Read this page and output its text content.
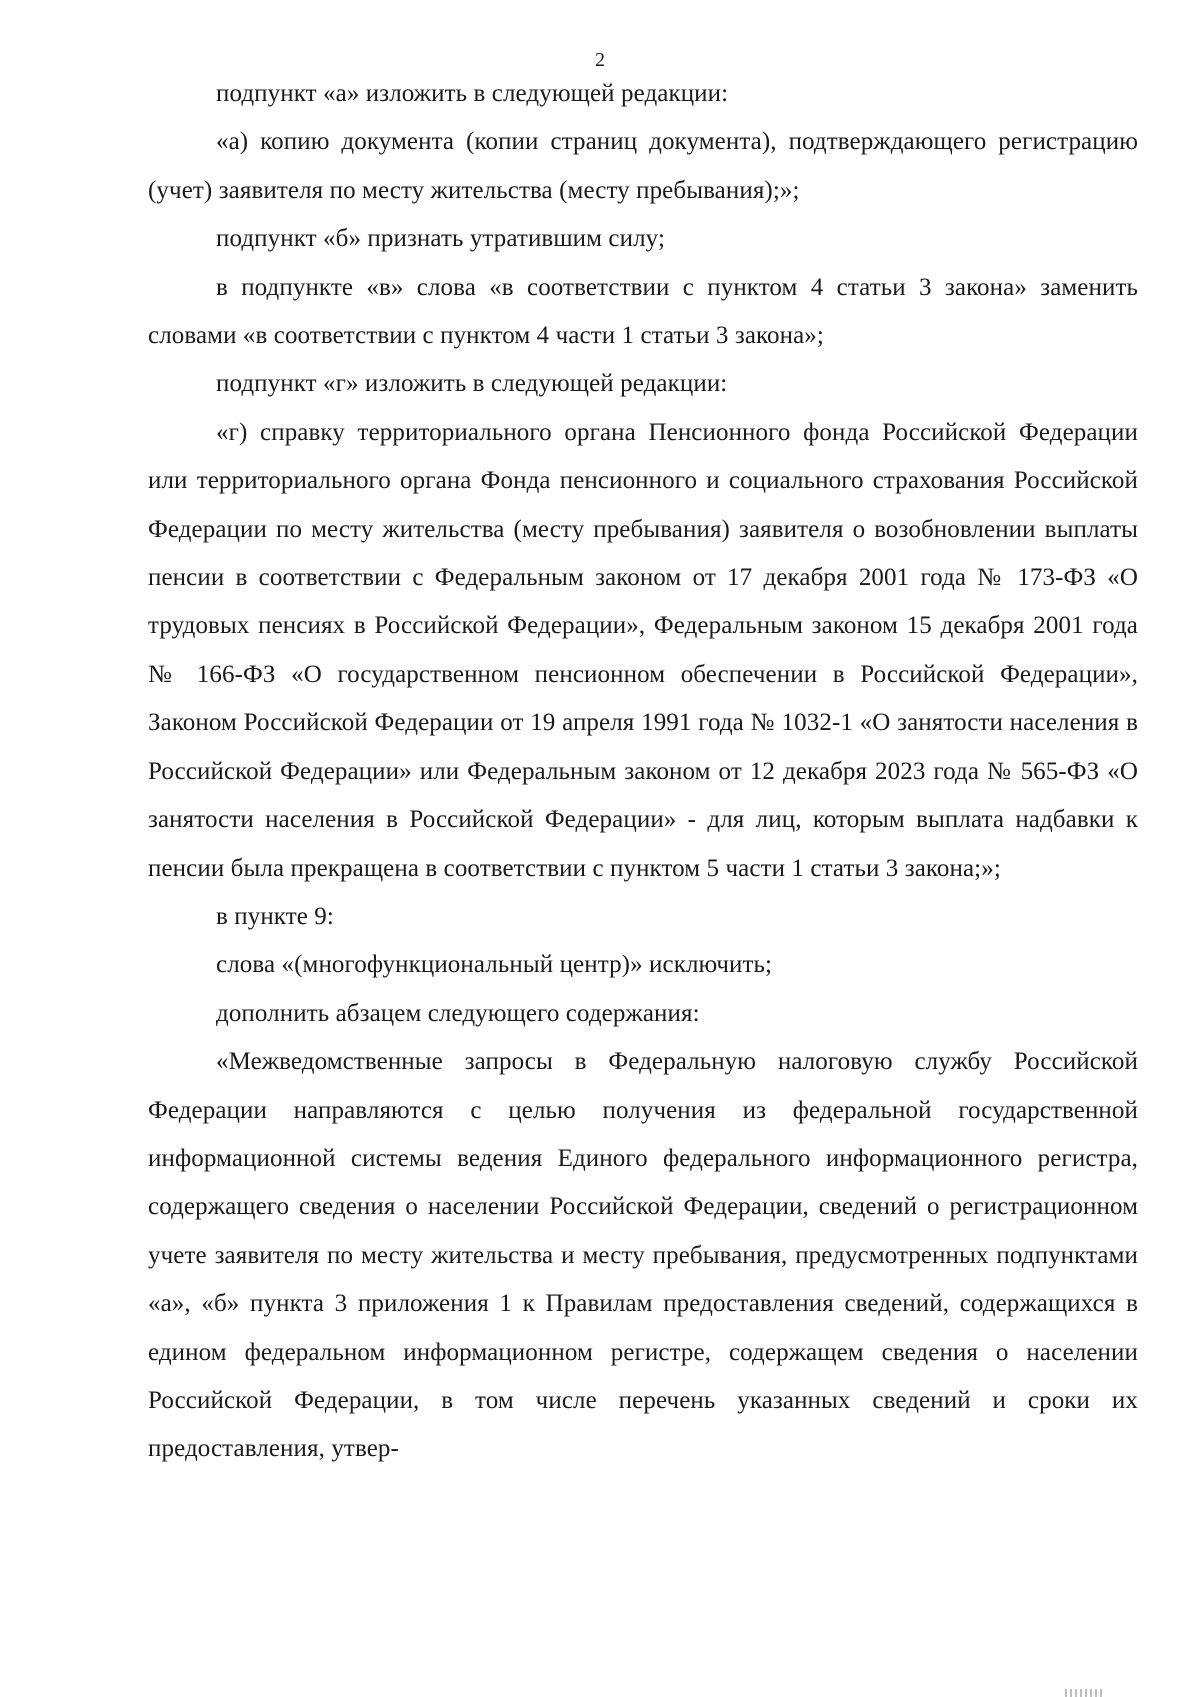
2

подпункт «а» изложить в следующей редакции:

«а) копию документа (копии страниц документа), подтверждающего регистрацию (учет) заявителя по месту жительства (месту пребывания);»;

подпункт «б» признать утратившим силу;

в подпункте «в» слова «в соответствии с пунктом 4 статьи 3 закона» заменить словами «в соответствии с пунктом 4 части 1 статьи 3 закона»;

подпункт «г» изложить в следующей редакции:

«г) справку территориального органа Пенсионного фонда Российской Федерации или территориального органа Фонда пенсионного и социального страхования Российской Федерации по месту жительства (месту пребывания) заявителя о возобновлении выплаты пенсии в соответствии с Федеральным законом от 17 декабря 2001 года № 173-ФЗ «О трудовых пенсиях в Российской Федерации», Федеральным законом 15 декабря 2001 года № 166-ФЗ «О государственном пенсионном обеспечении в Российской Федерации», Законом Российской Федерации от 19 апреля 1991 года № 1032-1 «О занятости населения в Российской Федерации» или Федеральным законом от 12 декабря 2023 года № 565-ФЗ «О занятости населения в Российской Федерации» - для лиц, которым выплата надбавки к пенсии была прекращена в соответствии с пунктом 5 части 1 статьи 3 закона;»;

в пункте 9:

слова «(многофункциональный центр)» исключить;

дополнить абзацем следующего содержания:

«Межведомственные запросы в Федеральную налоговую службу Российской Федерации направляются с целью получения из федеральной государственной информационной системы ведения Единого федерального информационного регистра, содержащего сведения о населении Российской Федерации, сведений о регистрационном учете заявителя по месту жительства и месту пребывания, предусмотренных подпунктами «а», «б» пункта 3 приложения 1 к Правилам предоставления сведений, содержащихся в едином федеральном информационном регистре, содержащем сведения о населении Российской Федерации, в том числе перечень указанных сведений и сроки их предоставления, утвер-
